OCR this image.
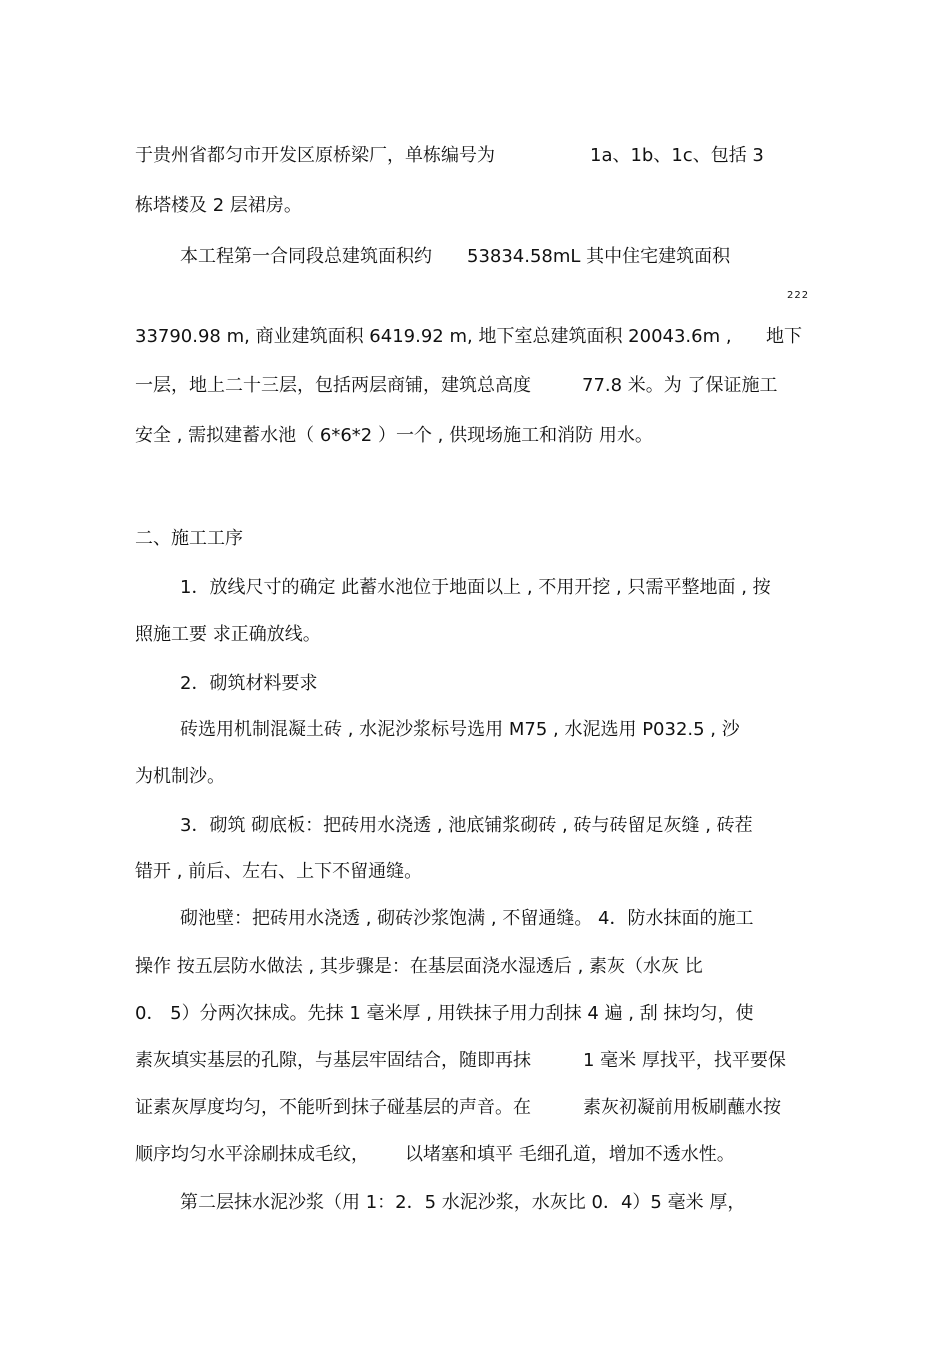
于贵州省都匀市开发区原桥梁厂，单栋编号为

	1a、1b、1c、包括 3

栋塔楼及 2 层裙房。

本工程第一合同段总建筑面积约

53834.58mL 其中住宅建筑面积

222

33790.98 m, 商业建筑面积 6419.92 m, 地下室总建筑面积 20043.6m ,

地下

一层，地上二十三层，包括两层商铺，建筑总高度

	77.8 米。为 了保证施工

安全 , 需拟建蓄水池（ 6*6*2 ）一个 , 供现场施工和消防 用水。

二、施工工序

1．放线尺寸的确定 此蓄水池位于地面以上 , 不用开挖 , 只需平整地面 , 按

照施工要 求正确放线。

2．砌筑材料要求

砖选用机制混凝土砖 , 水泥沙浆标号选用 M75 , 水泥选用 P032.5 , 沙

为机制沙。

3．砌筑 砌底板：把砖用水浇透 , 池底铺浆砌砖 , 砖与砖留足灰缝 , 砖茬

错开 , 前后、左右、上下不留通缝。

砌池壁：把砖用水浇透 , 砌砖沙浆饱满 , 不留通缝。 4．防水抹面的施工

操作 按五层防水做法 , 其步骤是：在基层面浇水湿透后 , 素灰（水灰 比

0． 5）分两次抹成。先抹 1 毫米厚 , 用铁抹子用力刮抹 4 遍 , 刮 抹均匀，使

素灰填实基层的孔隙，与基层牢固结合，随即再抹

	1 毫米 厚找平，找平要保

证素灰厚度均匀，不能听到抹子碰基层的声音。在

	素灰初凝前用板刷蘸水按

顺序均匀水平涂刷抹成毛纹，

以堵塞和填平 毛细孔道，增加不透水性。

第二层抹水泥沙浆（用 1：2．5 水泥沙浆，水灰比 0．4）5 毫米 厚，
